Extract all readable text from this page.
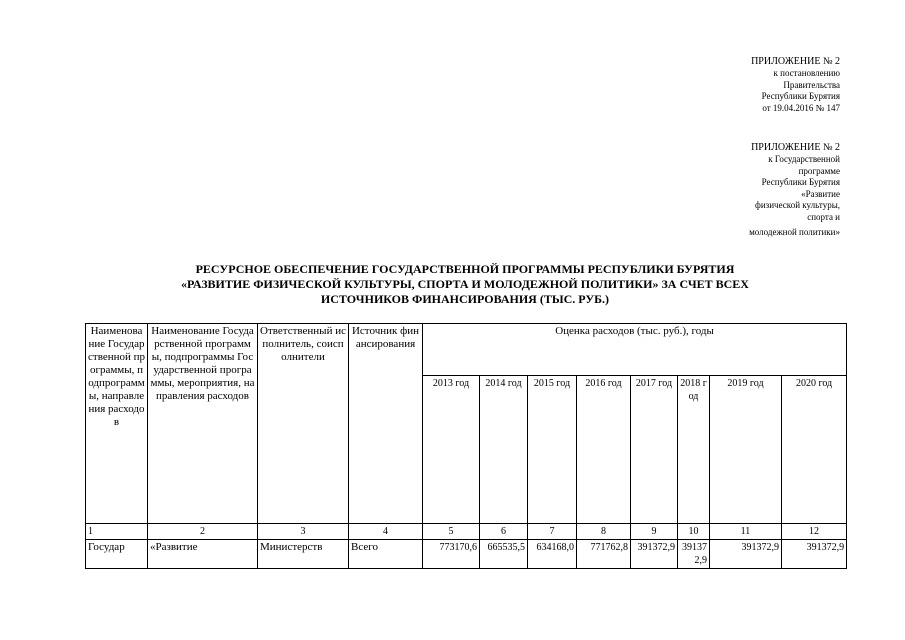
ПРИЛОЖЕНИЕ № 2
к постановлению
Правительства
Республики Бурятия
от 19.04.2016 № 147
ПРИЛОЖЕНИЕ № 2
к Государственной
программе
Республики Бурятия
«Развитие
физической культуры,
спорта и
молодежной политики»
РЕСУРСНОЕ ОБЕСПЕЧЕНИЕ ГОСУДАРСТВЕННОЙ ПРОГРАММЫ РЕСПУБЛИКИ БУРЯТИЯ
«РАЗВИТИЕ ФИЗИЧЕСКОЙ КУЛЬТУРЫ, СПОРТА И МОЛОДЕЖНОЙ ПОЛИТИКИ» ЗА СЧЕТ ВСЕХ
ИСТОЧНИКОВ ФИНАНСИРОВАНИЯ (ТЫС. РУБ.)
Наименование Государственной программы, подпрограммы, направления расходов	Наименование Государственной программы, подпрограммы Государственной программы, мероприятия, направления расходов	Ответственный исполнитель, соисполнители	Источник финансирования	Оценка расходов (тыс. руб.), годы							
				2013 год	2014 год	2015 год	2016 год	2017 год	2018 год	2019 год	2020 год
1	2	3	4	5	6	7	8	9	10	11	12
Государ	«Развитие	Министерств	Всего	773170,6	665535,5	634168,0	771762,8	391372,9	391372,9	391372,9	391372,9
